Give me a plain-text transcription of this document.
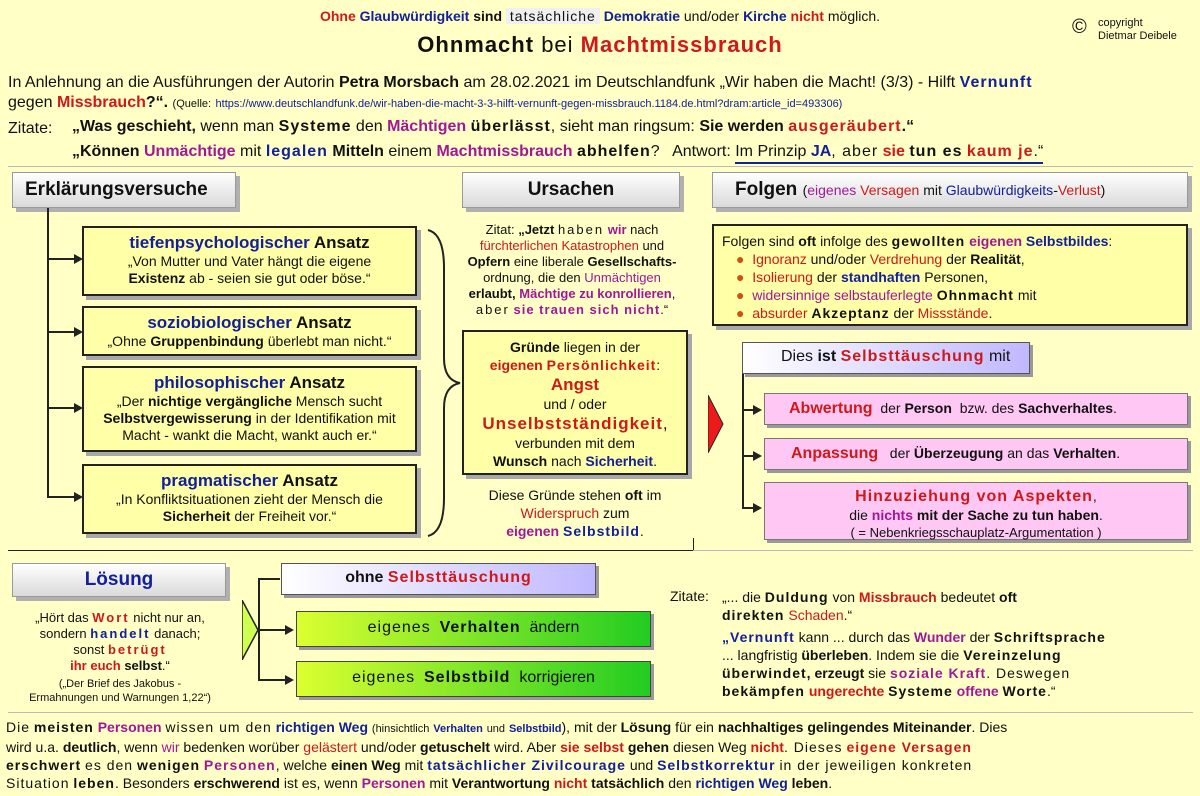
Ohne Glaubwürdigkeit sind tatsächliche Demokratie und/oder Kirche nicht möglich.
Ohnmacht bei Machtmissbrauch
© copyright
Dietmar Deibele
In Anlehnung an die Ausführungen der Autorin Petra Morsbach am 28.02.2021 im Deutschlandfunk „Wir haben die Macht! (3/3) - Hilft Vernunft
gegen Missbrauch?“. (Quelle: https://www.deutschlandfunk.de/wir-haben-die-macht-3-3-hilft-vernunft-gegen-missbrauch.1184.de.html?dram:article_id=493306)
Zitate: „Was geschieht, wenn man Systeme den Mächtigen überlässt, sieht man ringsum: Sie werden ausgeräubert.“
„Können Unmächtige mit legalen Mitteln einem Machtmissbrauch abhelfen? Antwort: Im Prinzip JA, aber sie tun es kaum je.“
Erklärungsversuche	Ursachen	Folgen (eigenes Versagen mit Glaubwürdigkeits-Verlust)
Lösung
tiefenpsychologischer Ansatz
„Von Mutter und Vater hängt die eigene
Existenz ab - seien sie gut oder böse.“
soziobiologischer Ansatz
„Ohne Gruppenbindung überlebt man nicht.“
philosophischer Ansatz
„Der nichtige vergängliche Mensch sucht
Selbstvergewisserung in der Identifikation mit
Macht - wankt die Macht, wankt auch er.“
pragmatischer Ansatz
„In Konfliktsituationen zieht der Mensch die
Sicherheit der Freiheit vor.“
Zitat: „Jetzt haben wir nach
fürchterlichen Katastrophen und
Opfern eine liberale Gesellschafts-
ordnung, die den Unmächtigen
erlaubt, Mächtige zu konrollieren,
aber sie trauen sich nicht.“
Gründe liegen in der
eigenen Persönlichkeit:
Angst
und / oder
Unselbstständigkeit,
verbunden mit dem
Wunsch nach Sicherheit.
Diese Gründe stehen oft im
Widerspruch zum
eigenen Selbstbild.
Folgen sind oft infolge des gewollten eigenen Selbstbildes:
● Ignoranz und/oder Verdrehung der Realität,
● Isolierung der standhaften Personen,
● widersinnige selbstauferlegte Ohnmacht mit
● absurder Akzeptanz der Missstände.
Dies ist Selbsttäuschung mit
Abwertung der Person bzw. des Sachverhaltes.
Anpassung der Überzeugung an das Verhalten.
Hinzuziehung von Aspekten,
die nichts mit der Sache zu tun haben.
( = Nebenkriegsschauplatz-Argumentation )
„Hört das Wort nicht nur an,
sondern handelt danach;
sonst betrügt
ihr euch selbst.“
(„Der Brief des Jakobus -
Ermahnungen und Warnungen 1,22“)
ohne Selbsttäuschung
eigenes Verhalten ändern
eigenes Selbstbild korrigieren
Zitate: „... die Duldung von Missbrauch bedeutet oft
direkten Schaden.“
„Vernunft kann ... durch das Wunder der Schriftsprache
... langfristig überleben. Indem sie die Vereinzelung
überwindet, erzeugt sie soziale Kraft. Deswegen
bekämpfen ungerechte Systeme offene Worte.“
Die meisten Personen wissen um den richtigen Weg (hinsichtlich Verhalten und Selbstbild), mit der Lösung für ein nachhaltiges gelingendes Miteinander. Dies
wird u.a. deutlich, wenn wir bedenken worüber gelästert und/oder getuschelt wird. Aber sie selbst gehen diesen Weg nicht. Dieses eigene Versagen
erschwert es den wenigen Personen, welche einen Weg mit tatsächlicher Zivilcourage und Selbstkorrektur in der jeweiligen konkreten
Situation leben. Besonders erschwerend ist es, wenn Personen mit Verantwortung nicht tatsächlich den richtigen Weg leben.
